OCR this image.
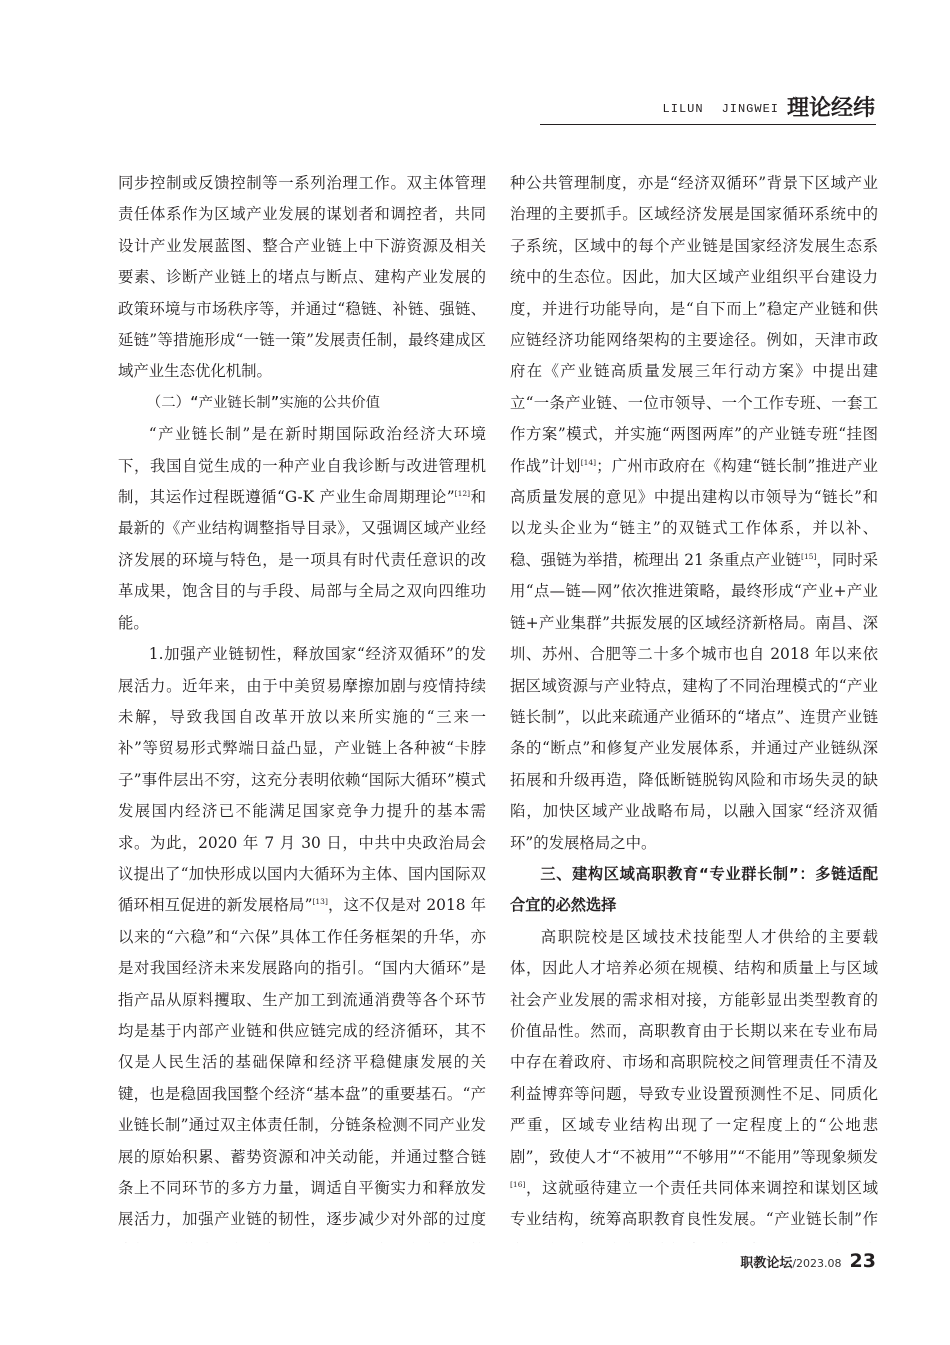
LILUN JINGWEI 理论经纬

同步控制或反馈控制等一系列治理工作。双主体管理责任体系作为区域产业发展的谋划者和调控者，共同设计产业发展蓝图、整合产业链上中下游资源及相关要素、诊断产业链上的堵点与断点、建构产业发展的政策环境与市场秩序等，并通过“稳链、补链、强链、延链”等措施形成“一链一策”发展责任制，最终建成区域产业生态优化机制。

（二）“产业链长制”实施的公共价值

“产业链长制”是在新时期国际政治经济大环境下，我国自觉生成的一种产业自我诊断与改进管理机制，其运作过程既遵循“G-K 产业生命周期理论”[12]和最新的《产业结构调整指导目录》，又强调区域产业经济发展的环境与特色，是一项具有时代责任意识的改革成果，饱含目的与手段、局部与全局之双向四维功能。

1.加强产业链韧性，释放国家“经济双循环”的发展活力。近年来，由于中美贸易摩擦加剧与疫情持续未解，导致我国自改革开放以来所实施的“三来一补”等贸易形式弊端日益凸显，产业链上各种被“卡脖子”事件层出不穷，这充分表明依赖“国际大循环”模式发展国内经济已不能满足国家竞争力提升的基本需求。为此，2020 年 7 月 30 日，中共中央政治局会议提出了“加快形成以国内大循环为主体、国内国际双循环相互促进的新发展格局”[13]，这不仅是对 2018 年以来的“六稳”和“六保”具体工作任务框架的升华，亦是对我国经济未来发展路向的指引。“国内大循环”是指产品从原料攫取、生产加工到流通消费等各个环节均是基于内部产业链和供应链完成的经济循环，其不仅是人民生活的基础保障和经济平稳健康发展的关键，也是稳固我国整个经济“基本盘”的重要基石。“产业链长制”通过双主体责任制，分链条检测不同产业发展的原始积累、蓄势资源和冲关动能，并通过整合链条上不同环节的多方力量，调适自平衡实力和释放发展活力，加强产业链的韧性，逐步减少对外部的过度

种公共管理制度，亦是“经济双循环”背景下区域产业治理的主要抓手。区域经济发展是国家循环系统中的子系统，区域中的每个产业链是国家经济发展生态系统中的生态位。因此，加大区域产业组织平台建设力度，并进行功能导向，是“自下而上”稳定产业链和供应链经济功能网络架构的主要途径。例如，天津市政府在《产业链高质量发展三年行动方案》中提出建立“一条产业链、一位市领导、一个工作专班、一套工作方案”模式，并实施“两图两库”的产业链专班“挂图作战”计划[14]；广州市政府在《构建“链长制”推进产业高质量发展的意见》中提出建构以市领导为“链长”和以龙头企业为“链主”的双链式工作体系，并以补、稳、强链为举措，梳理出 21 条重点产业链[15]，同时采用“点—链—网”依次推进策略，最终形成“产业+产业链+产业集群”共振发展的区域经济新格局。南昌、深圳、苏州、合肥等二十多个城市也自 2018 年以来依据区域资源与产业特点，建构了不同治理模式的“产业链长制”，以此来疏通产业循环的“堵点”、连贯产业链条的“断点”和修复产业发展体系，并通过产业链纵深拓展和升级再造，降低断链脱钩风险和市场失灵的缺陷，加快区域产业战略布局，以融入国家“经济双循环”的发展格局之中。

三、建构区域高职教育“专业群长制”：多链适配合宜的必然选择

高职院校是区域技术技能型人才供给的主要载体，因此人才培养必须在规模、结构和质量上与区域社会产业发展的需求相对接，方能彰显出类型教育的价值品性。然而，高职教育由于长期以来在专业布局中存在着政府、市场和高职院校之间管理责任不清及利益博弈等问题，导致专业设置预测性不足、同质化严重，区域专业结构出现了一定程度上的“公地悲剧”，致使人才“不被用”“不够用”“不能用”等现象频发[16]，这就亟待建立一个责任共同体来调控和谋划区域专业结构，统筹高职教育良性发展。“产业链长制”作

职教论坛 /2023.08 23
